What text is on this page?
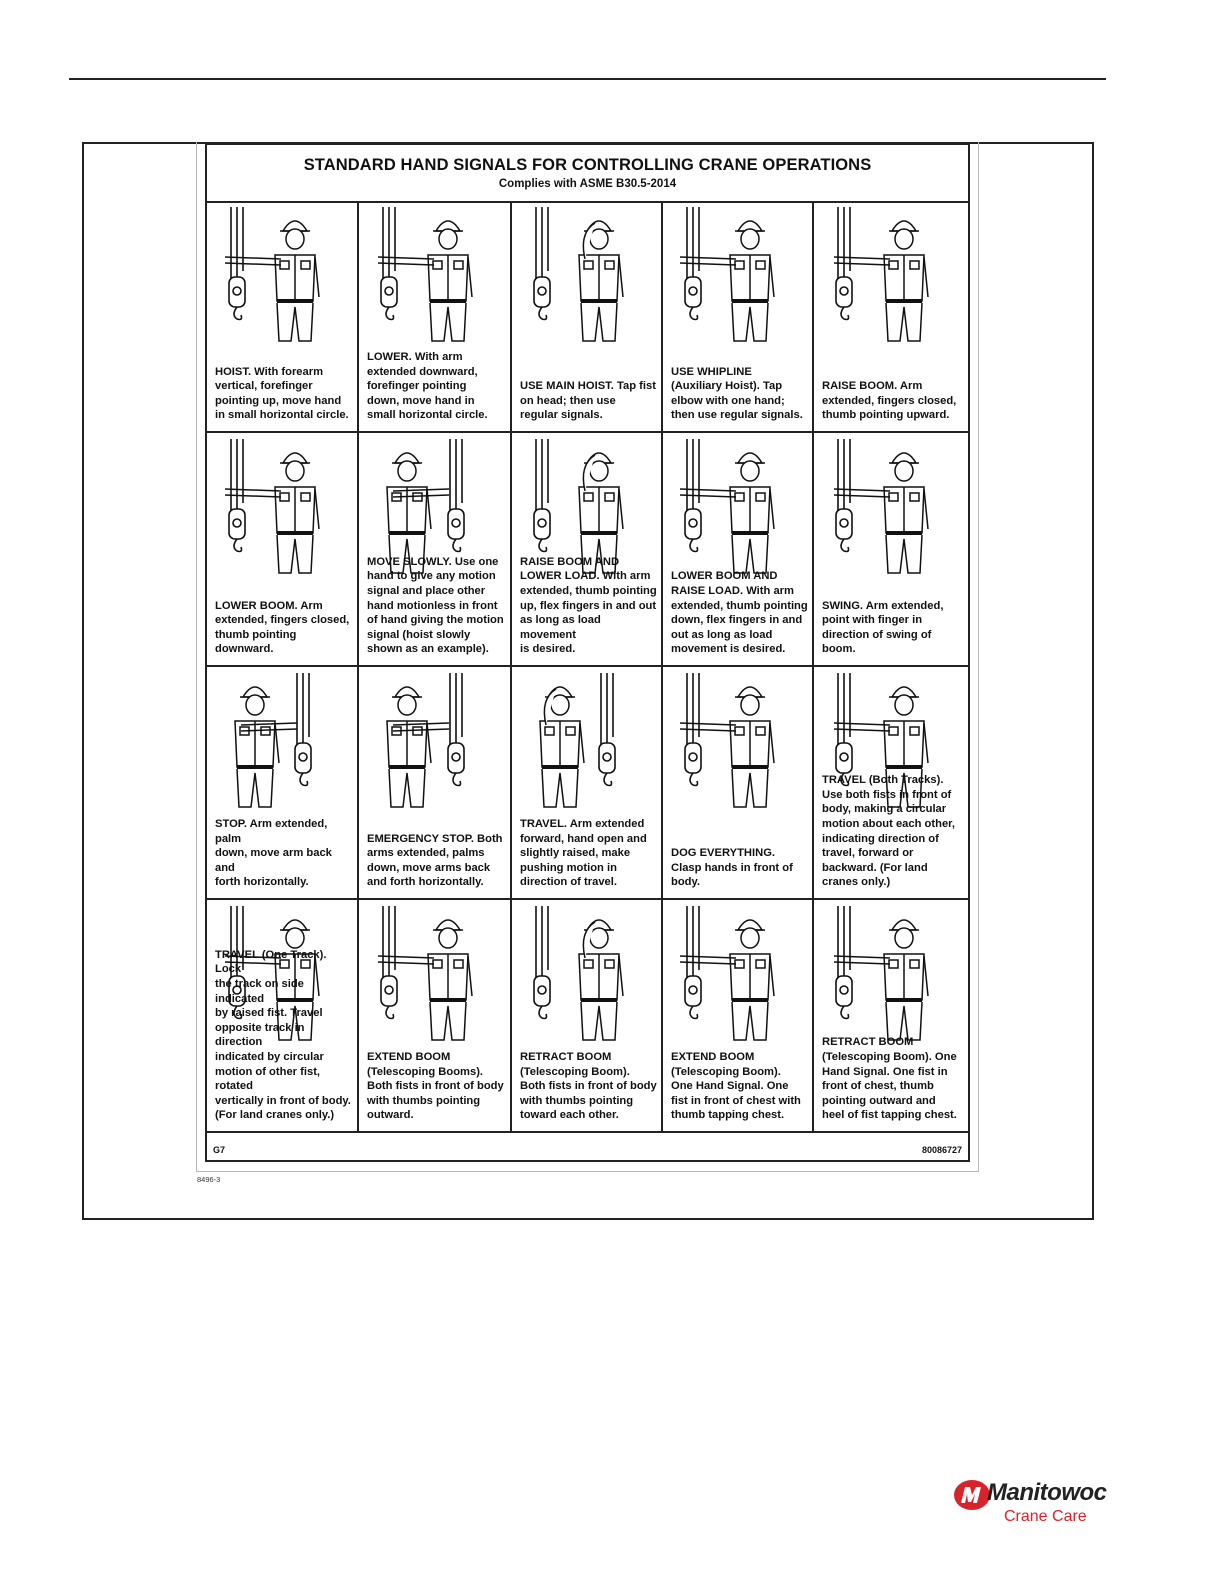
STANDARD HAND SIGNALS FOR CONTROLLING CRANE OPERATIONS
Complies with ASME B30.5-2014
HOIST. With forearm
vertical, forefinger
pointing up, move hand
in small horizontal circle.
LOWER. With arm
extended downward,
forefinger pointing
down, move hand in
small horizontal circle.
USE MAIN HOIST. Tap fist
on head; then use
regular signals.
USE WHIPLINE
(Auxiliary Hoist). Tap
elbow with one hand;
then use regular signals.
RAISE BOOM. Arm
extended, fingers closed,
thumb pointing upward.
LOWER BOOM. Arm
extended, fingers closed,
thumb pointing downward.
MOVE SLOWLY. Use one
hand to give any motion
signal and place other
hand motionless in front
of hand giving the motion
signal (hoist slowly
shown as an example).
RAISE BOOM AND
LOWER LOAD. With arm
extended, thumb pointing
up, flex fingers in and out
as long as load movement
is desired.
LOWER BOOM AND
RAISE LOAD. With arm
extended, thumb pointing
down, flex fingers in and
out as long as load
movement is desired.
SWING. Arm extended,
point with finger in
direction of swing of
boom.
STOP. Arm extended, palm
down, move arm back and
forth horizontally.
EMERGENCY STOP. Both
arms extended, palms
down, move arms back
and forth horizontally.
TRAVEL. Arm extended
forward, hand open and
slightly raised, make
pushing motion in
direction of travel.
DOG EVERYTHING.
Clasp hands in front of
body.
TRAVEL (Both Tracks).
Use both fists in front of
body, making a circular
motion about each other,
indicating direction of
travel, forward or
backward. (For land
cranes only.)
TRAVEL (One Track). Lock
the track on side indicated
by raised fist. Travel
opposite track in direction
indicated by circular
motion of other fist, rotated
vertically in front of body.
(For land cranes only.)
EXTEND BOOM
(Telescoping Booms).
Both fists in front of body
with thumbs pointing
outward.
RETRACT BOOM
(Telescoping Boom).
Both fists in front of body
with thumbs pointing
toward each other.
EXTEND BOOM
(Telescoping Boom).
One Hand Signal. One
fist in front of chest with
thumb tapping chest.
RETRACT BOOM
(Telescoping Boom). One
Hand Signal. One fist in
front of chest, thumb
pointing outward and
heel of fist tapping chest.
G7	80086727
8496-3
Manitowoc
Crane Care
